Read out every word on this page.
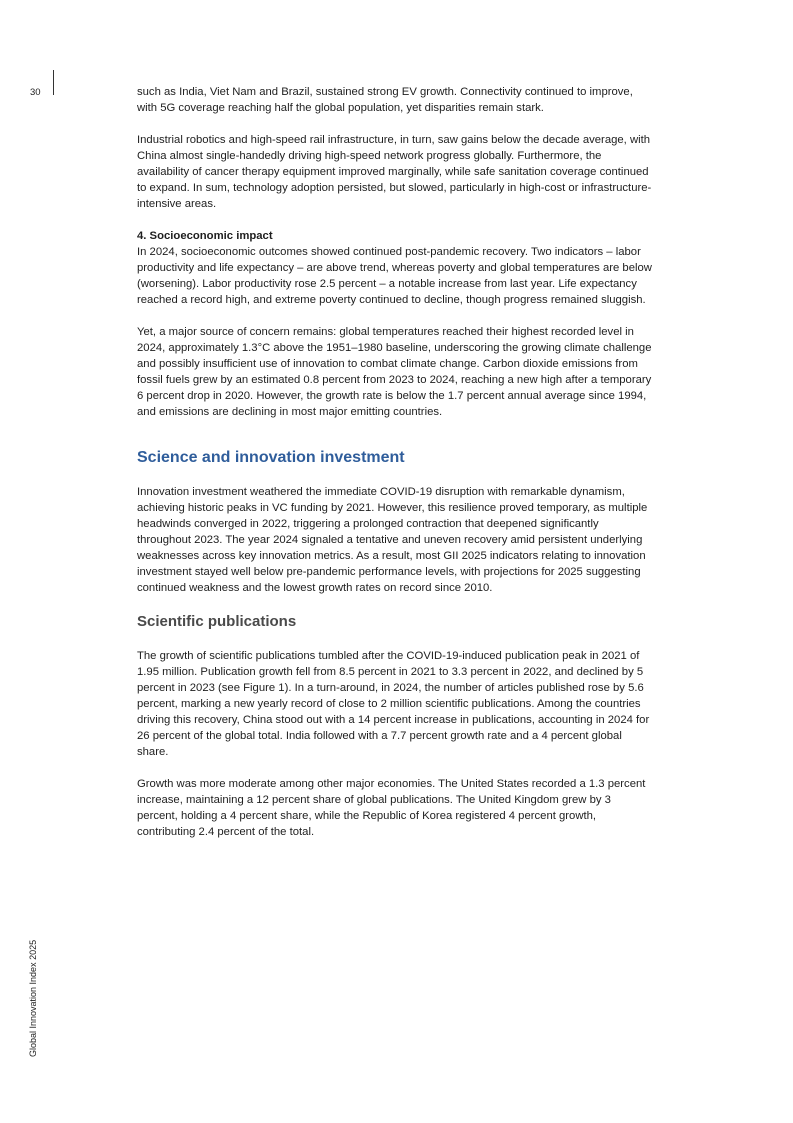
30
Global Innovation Index 2025

such as India, Viet Nam and Brazil, sustained strong EV growth. Connectivity continued to improve, with 5G coverage reaching half the global population, yet disparities remain stark.

Industrial robotics and high-speed rail infrastructure, in turn, saw gains below the decade average, with China almost single-handedly driving high-speed network progress globally. Furthermore, the availability of cancer therapy equipment improved marginally, while safe sanitation coverage continued to expand. In sum, technology adoption persisted, but slowed, particularly in high-cost or infrastructure-intensive areas.

4. Socioeconomic impact

In 2024, socioeconomic outcomes showed continued post-pandemic recovery. Two indicators – labor productivity and life expectancy – are above trend, whereas poverty and global temperatures are below (worsening). Labor productivity rose 2.5 percent – a notable increase from last year. Life expectancy reached a record high, and extreme poverty continued to decline, though progress remained sluggish.

Yet, a major source of concern remains: global temperatures reached their highest recorded level in 2024, approximately 1.3°C above the 1951–1980 baseline, underscoring the growing climate challenge and possibly insufficient use of innovation to combat climate change. Carbon dioxide emissions from fossil fuels grew by an estimated 0.8 percent from 2023 to 2024, reaching a new high after a temporary 6 percent drop in 2020. However, the growth rate is below the 1.7 percent annual average since 1994, and emissions are declining in most major emitting countries.

Science and innovation investment

Innovation investment weathered the immediate COVID-19 disruption with remarkable dynamism, achieving historic peaks in VC funding by 2021. However, this resilience proved temporary, as multiple headwinds converged in 2022, triggering a prolonged contraction that deepened significantly throughout 2023. The year 2024 signaled a tentative and uneven recovery amid persistent underlying weaknesses across key innovation metrics. As a result, most GII 2025 indicators relating to innovation investment stayed well below pre-pandemic performance levels, with projections for 2025 suggesting continued weakness and the lowest growth rates on record since 2010.

Scientific publications

The growth of scientific publications tumbled after the COVID-19-induced publication peak in 2021 of 1.95 million. Publication growth fell from 8.5 percent in 2021 to 3.3 percent in 2022, and declined by 5 percent in 2023 (see Figure 1). In a turn-around, in 2024, the number of articles published rose by 5.6 percent, marking a new yearly record of close to 2 million scientific publications. Among the countries driving this recovery, China stood out with a 14 percent increase in publications, accounting in 2024 for 26 percent of the global total. India followed with a 7.7 percent growth rate and a 4 percent global share.

Growth was more moderate among other major economies. The United States recorded a 1.3 percent increase, maintaining a 12 percent share of global publications. The United Kingdom grew by 3 percent, holding a 4 percent share, while the Republic of Korea registered 4 percent growth, contributing 2.4 percent of the total.
